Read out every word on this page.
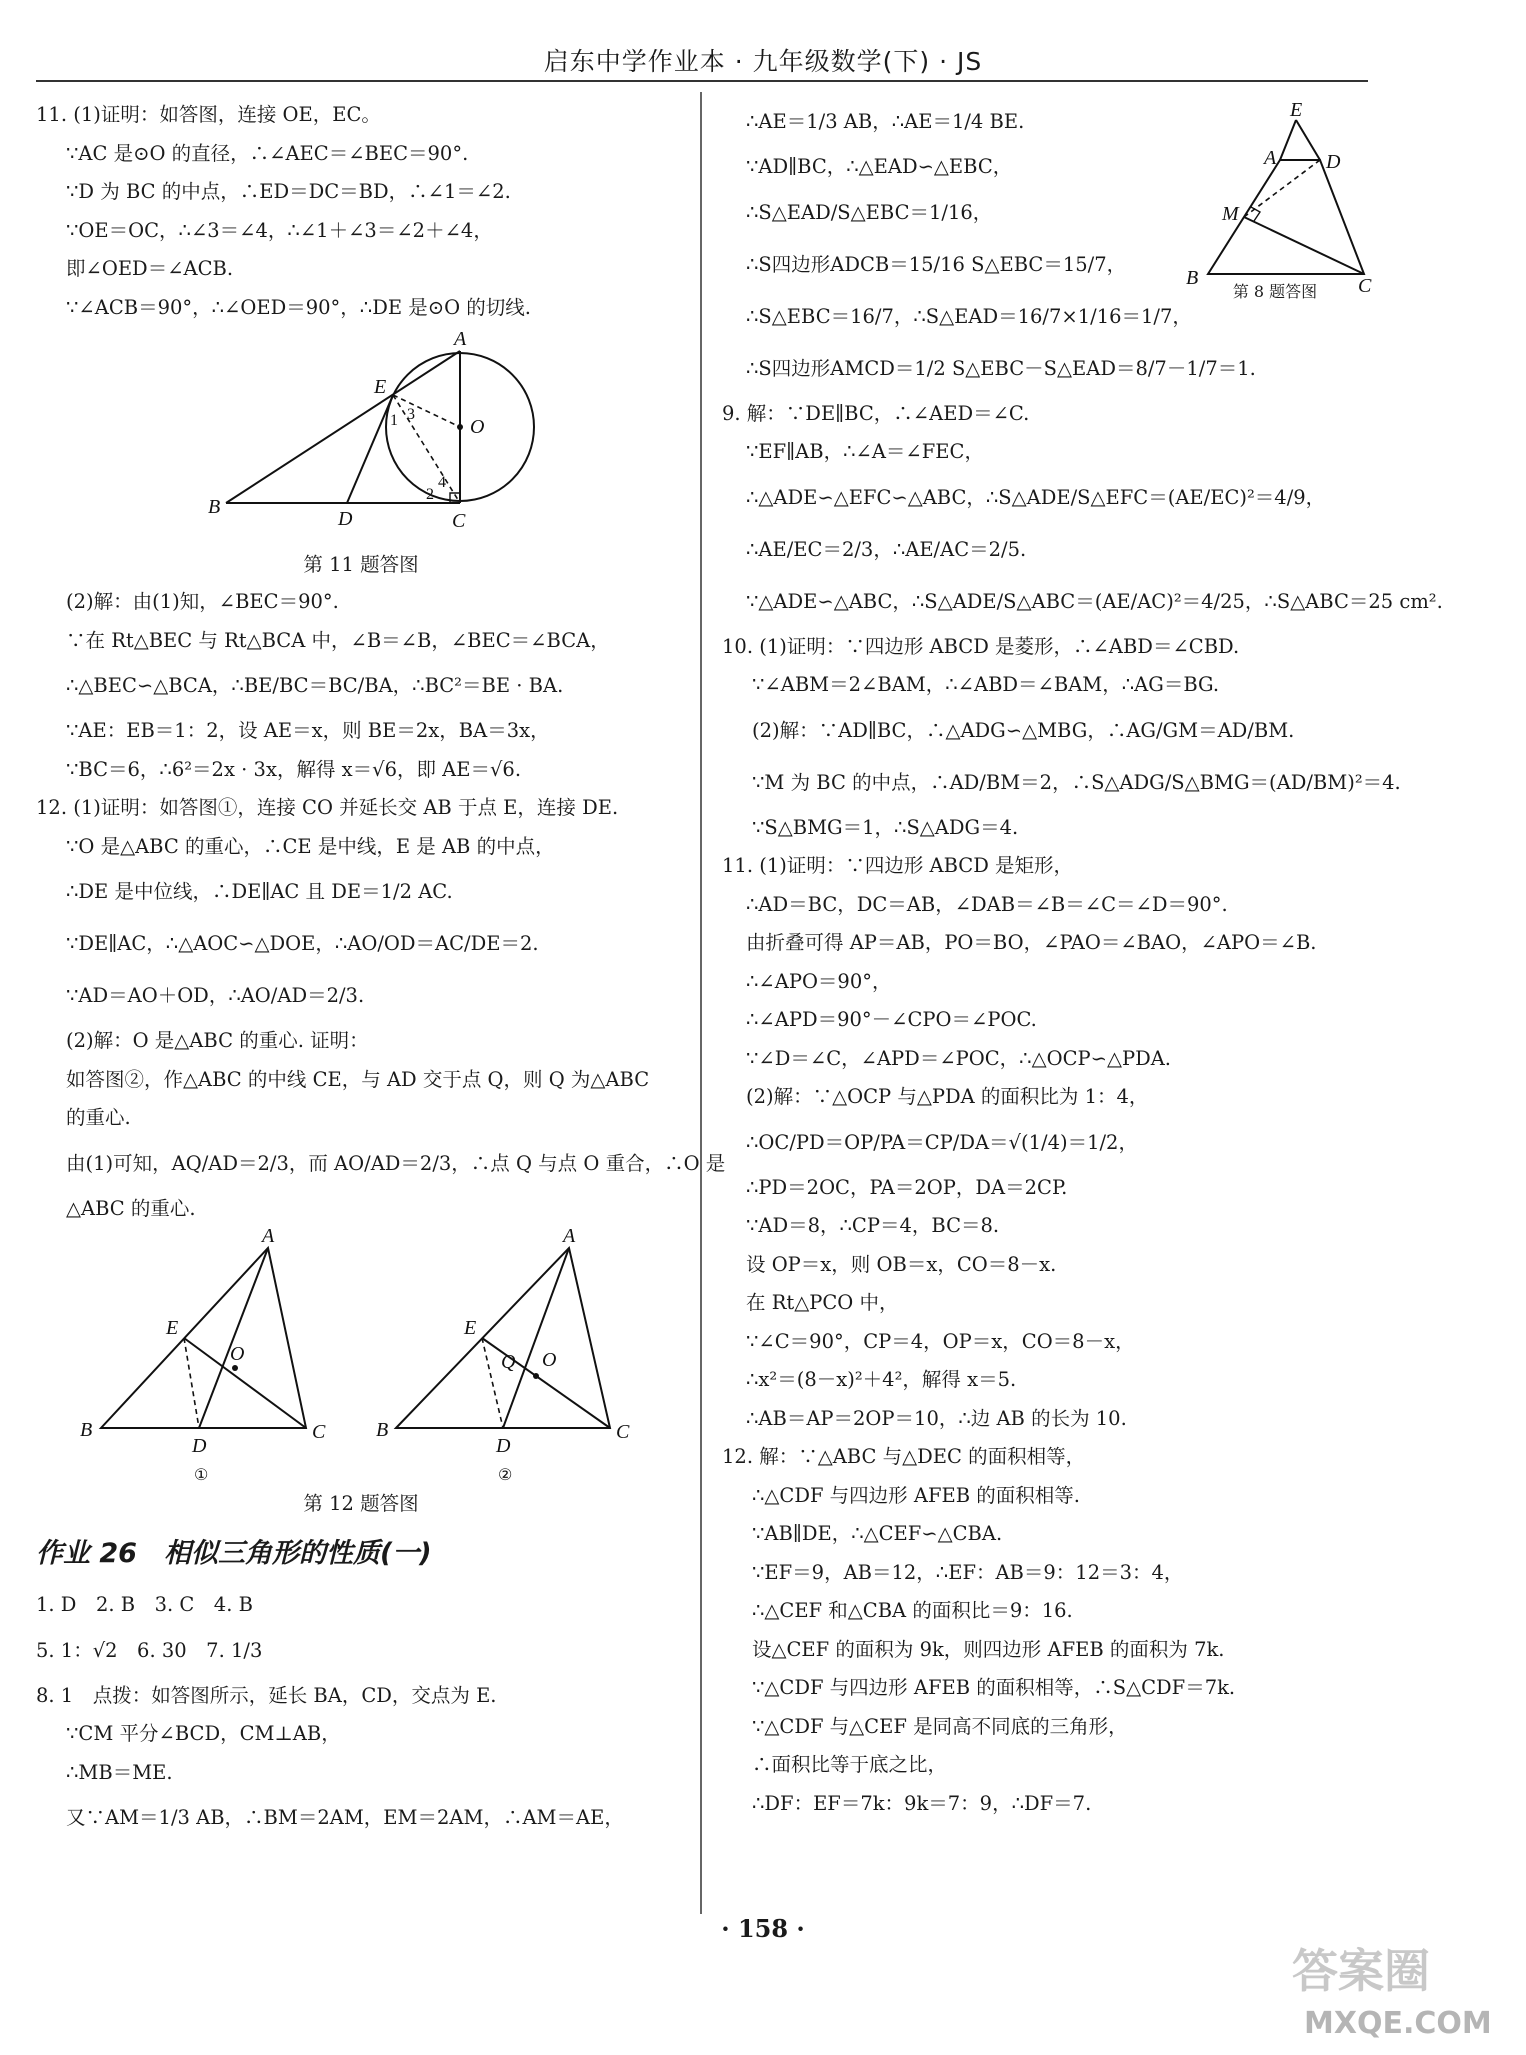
启东中学作业本 · 九年级数学(下) · JS
11. (1)证明：如答图，连接 OE，EC。
∵AC 是⊙O 的直径，∴∠AEC＝∠BEC＝90°.
∵D 为 BC 的中点，∴ED＝DC＝BD，∴∠1＝∠2.
∵OE＝OC，∴∠3＝∠4，∴∠1＋∠3＝∠2＋∠4，
即∠OED＝∠ACB.
∵∠ACB＝90°，∴∠OED＝90°，∴DE 是⊙O 的切线.
A
B
C
D
E
O
1 3
4
2
第 11 题答图
(2)解：由(1)知，∠BEC＝90°.
∵在 Rt△BEC 与 Rt△BCA 中，∠B＝∠B，∠BEC＝∠BCA，
∴△BEC∽△BCA，∴BE/BC＝BC/BA，∴BC²＝BE · BA.
∵AE：EB＝1：2，设 AE＝x，则 BE＝2x，BA＝3x，
∵BC＝6，∴6²＝2x · 3x，解得 x＝√6，即 AE＝√6.
12. (1)证明：如答图①，连接 CO 并延长交 AB 于点 E，连接 DE.
∵O 是△ABC 的重心，∴CE 是中线，E 是 AB 的中点，
∴DE 是中位线，∴DE∥AC 且 DE＝1/2 AC.
∵DE∥AC，∴△AOC∽△DOE，∴AO/OD＝AC/DE＝2.
∵AD＝AO＋OD，∴AO/AD＝2/3.
(2)解：O 是△ABC 的重心. 证明：
如答图②，作△ABC 的中线 CE，与 AD 交于点 Q，则 Q 为△ABC
的重心.
由(1)可知，AQ/AD＝2/3，而 AO/AD＝2/3，∴点 Q 与点 O 重合，∴O 是
△ABC 的重心.
A
B	C
D
E
O
①
A
B	C
D
E
Q O
②
第 12 题答图
作业 26　相似三角形的性质(一)
1. D　2. B　3. C　4. B
5. 1：√2　6. 30　7. 1/3
8. 1　点拨：如答图所示，延长 BA，CD，交点为 E.
∵CM 平分∠BCD，CM⊥AB，
∴MB＝ME.
又∵AM＝1/3 AB，∴BM＝2AM，EM＝2AM，∴AM＝AE，
∴AE＝1/3 AB，∴AE＝1/4 BE.
∵AD∥BC，∴△EAD∽△EBC，
∴S△EAD/S△EBC＝1/16，
∴S四边形ADCB＝15/16 S△EBC＝15/7，
∴S△EBC＝16/7，∴S△EAD＝16/7×1/16＝1/7，
∴S四边形AMCD＝1/2 S△EBC－S△EAD＝8/7－1/7＝1.
9. 解：∵DE∥BC，∴∠AED＝∠C.
∵EF∥AB，∴∠A＝∠FEC，
∴△ADE∽△EFC∽△ABC，∴S△ADE/S△EFC＝(AE/EC)²＝4/9，
∴AE/EC＝2/3，∴AE/AC＝2/5.
∵△ADE∽△ABC，∴S△ADE/S△ABC＝(AE/AC)²＝4/25，∴S△ABC＝25 cm².
10. (1)证明：∵四边形 ABCD 是菱形，∴∠ABD＝∠CBD.
∵∠ABM＝2∠BAM，∴∠ABD＝∠BAM，∴AG＝BG.
(2)解：∵AD∥BC，∴△ADG∽△MBG，∴AG/GM＝AD/BM.
∵M 为 BC 的中点，∴AD/BM＝2，∴S△ADG/S△BMG＝(AD/BM)²＝4.
∵S△BMG＝1，∴S△ADG＝4.
11. (1)证明：∵四边形 ABCD 是矩形，
∴AD＝BC，DC＝AB，∠DAB＝∠B＝∠C＝∠D＝90°.
由折叠可得 AP＝AB，PO＝BO，∠PAO＝∠BAO，∠APO＝∠B.
∴∠APO＝90°，
∴∠APD＝90°－∠CPO＝∠POC.
∵∠D＝∠C，∠APD＝∠POC，∴△OCP∽△PDA.
(2)解：∵△OCP 与△PDA 的面积比为 1：4，
∴OC/PD＝OP/PA＝CP/DA＝√(1/4)＝1/2，
∴PD＝2OC，PA＝2OP，DA＝2CP.
∵AD＝8，∴CP＝4，BC＝8.
设 OP＝x，则 OB＝x，CO＝8－x.
在 Rt△PCO 中，
∵∠C＝90°，CP＝4，OP＝x，CO＝8－x，
∴x²＝(8－x)²＋4²，解得 x＝5.
∴AB＝AP＝2OP＝10，∴边 AB 的长为 10.
12. 解：∵△ABC 与△DEC 的面积相等，
∴△CDF 与四边形 AFEB 的面积相等.
∵AB∥DE，∴△CEF∽△CBA.
∵EF＝9，AB＝12，∴EF：AB＝9：12＝3：4，
∴△CEF 和△CBA 的面积比＝9：16.
设△CEF 的面积为 9k，则四边形 AFEB 的面积为 7k.
∵△CDF 与四边形 AFEB 的面积相等，∴S△CDF＝7k.
∵△CDF 与△CEF 是同高不同底的三角形，
∴面积比等于底之比，
∴DF：EF＝7k：9k＝7：9，∴DF＝7.
E
A D
M
B	C
第 8 题答图
· 158 ·
答案圈
MXQE.COM
